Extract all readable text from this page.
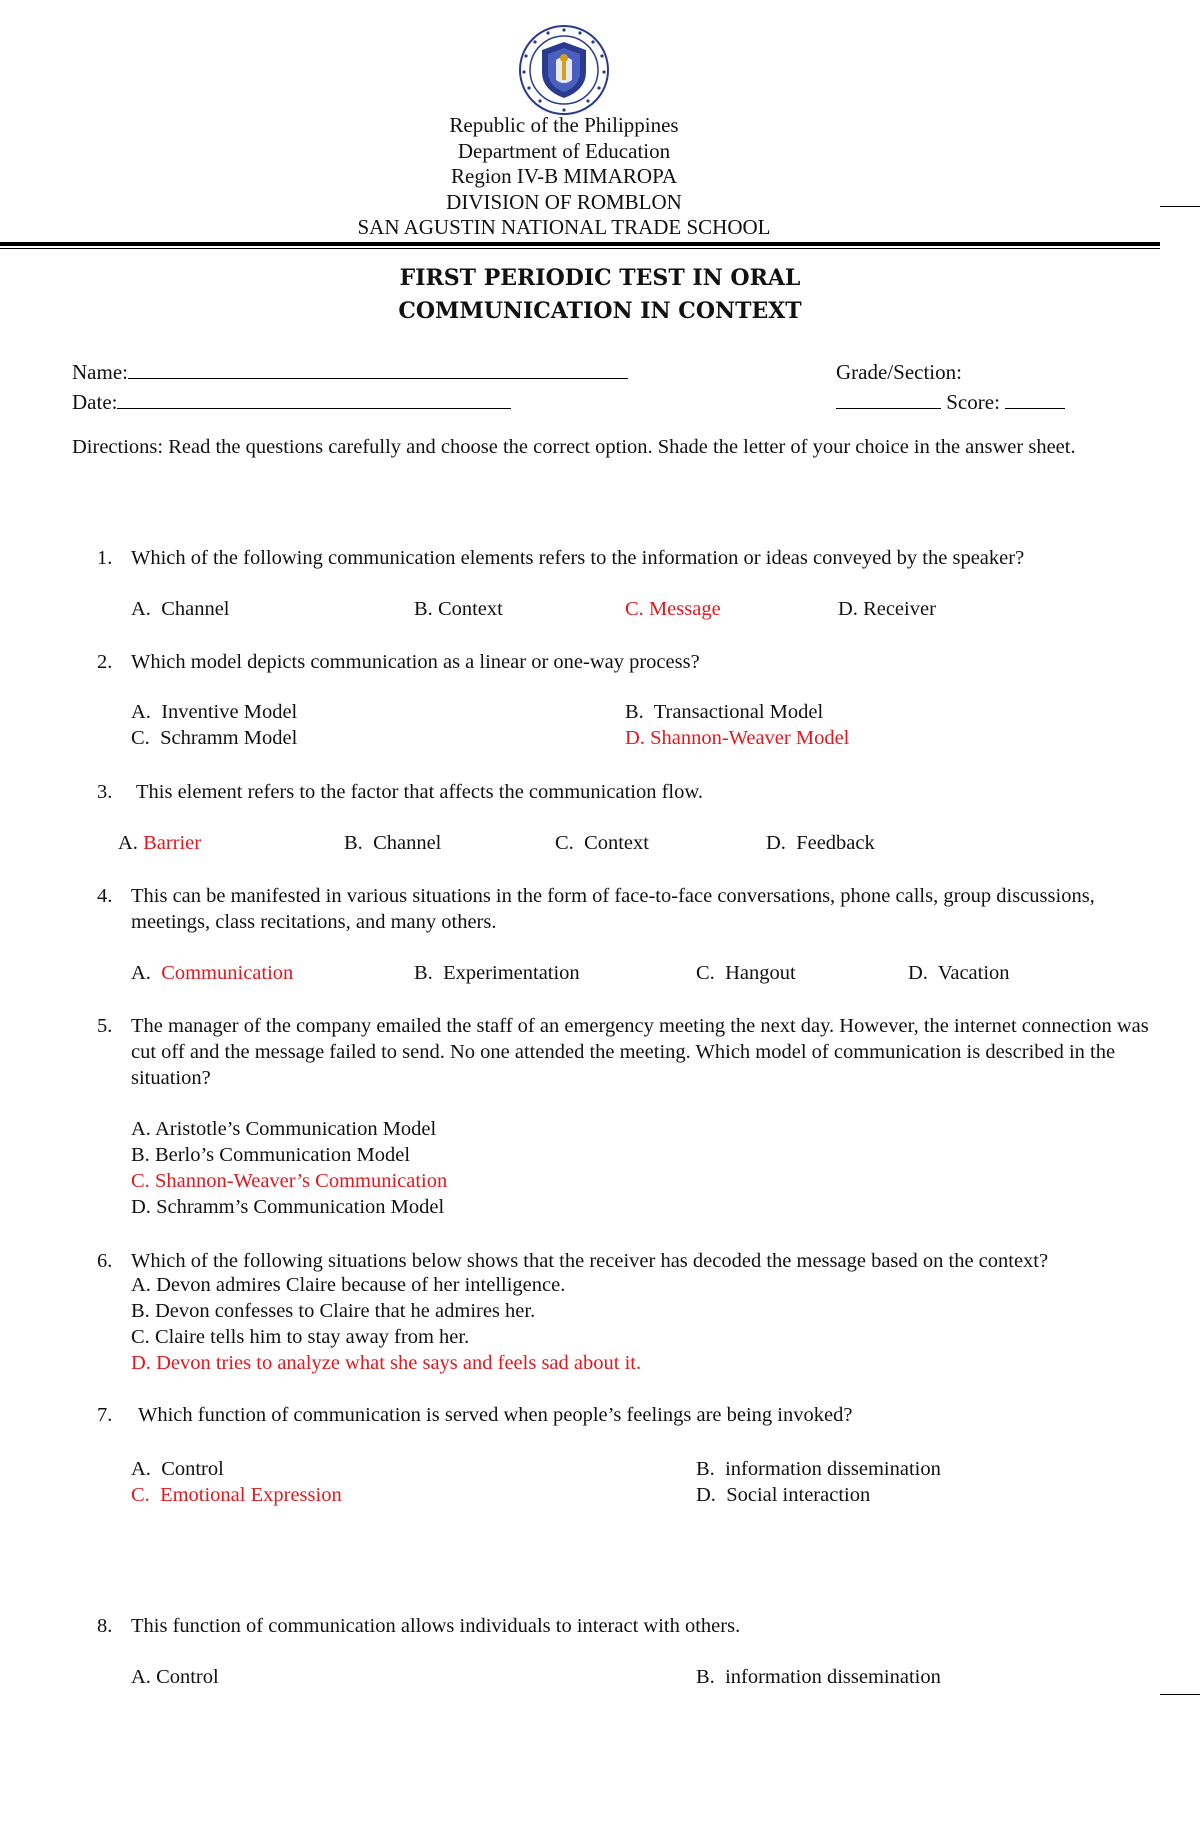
Republic of the Philippines
Department of Education
Region IV-B MIMAROPA
DIVISION OF ROMBLON
SAN AGUSTIN NATIONAL TRADE SCHOOL
FIRST PERIODIC TEST IN ORAL
COMMUNICATION IN CONTEXT
Name:	Grade/Section:
Date:	Score:
Directions: Read the questions carefully and choose the correct option. Shade the letter of your choice in the answer sheet.
1. Which of the following communication elements refers to the information or ideas conveyed by the speaker?
A. Channel	B. Context	C. Message	D. Receiver
2. Which model depicts communication as a linear or one-way process?
A. Inventive Model	B. Transactional Model
C. Schramm Model	D. Shannon-Weaver Model
3. This element refers to the factor that affects the communication flow.
A. Barrier	B. Channel	C. Context	D. Feedback
4. This can be manifested in various situations in the form of face-to-face conversations, phone calls, group discussions, meetings, class recitations, and many others.
A. Communication	B. Experimentation	C. Hangout	D. Vacation
5. The manager of the company emailed the staff of an emergency meeting the next day. However, the internet connection was cut off and the message failed to send. No one attended the meeting. Which model of communication is described in the situation?
A. Aristotle’s Communication Model
B. Berlo’s Communication Model
C. Shannon-Weaver’s Communication
D. Schramm’s Communication Model
6. Which of the following situations below shows that the receiver has decoded the message based on the context?
A. Devon admires Claire because of her intelligence.
B. Devon confesses to Claire that he admires her.
C. Claire tells him to stay away from her.
D. Devon tries to analyze what she says and feels sad about it.
7. Which function of communication is served when people’s feelings are being invoked?
A. Control	B. information dissemination
C. Emotional Expression	D. Social interaction
8. This function of communication allows individuals to interact with others.
A. Control	B. information dissemination
